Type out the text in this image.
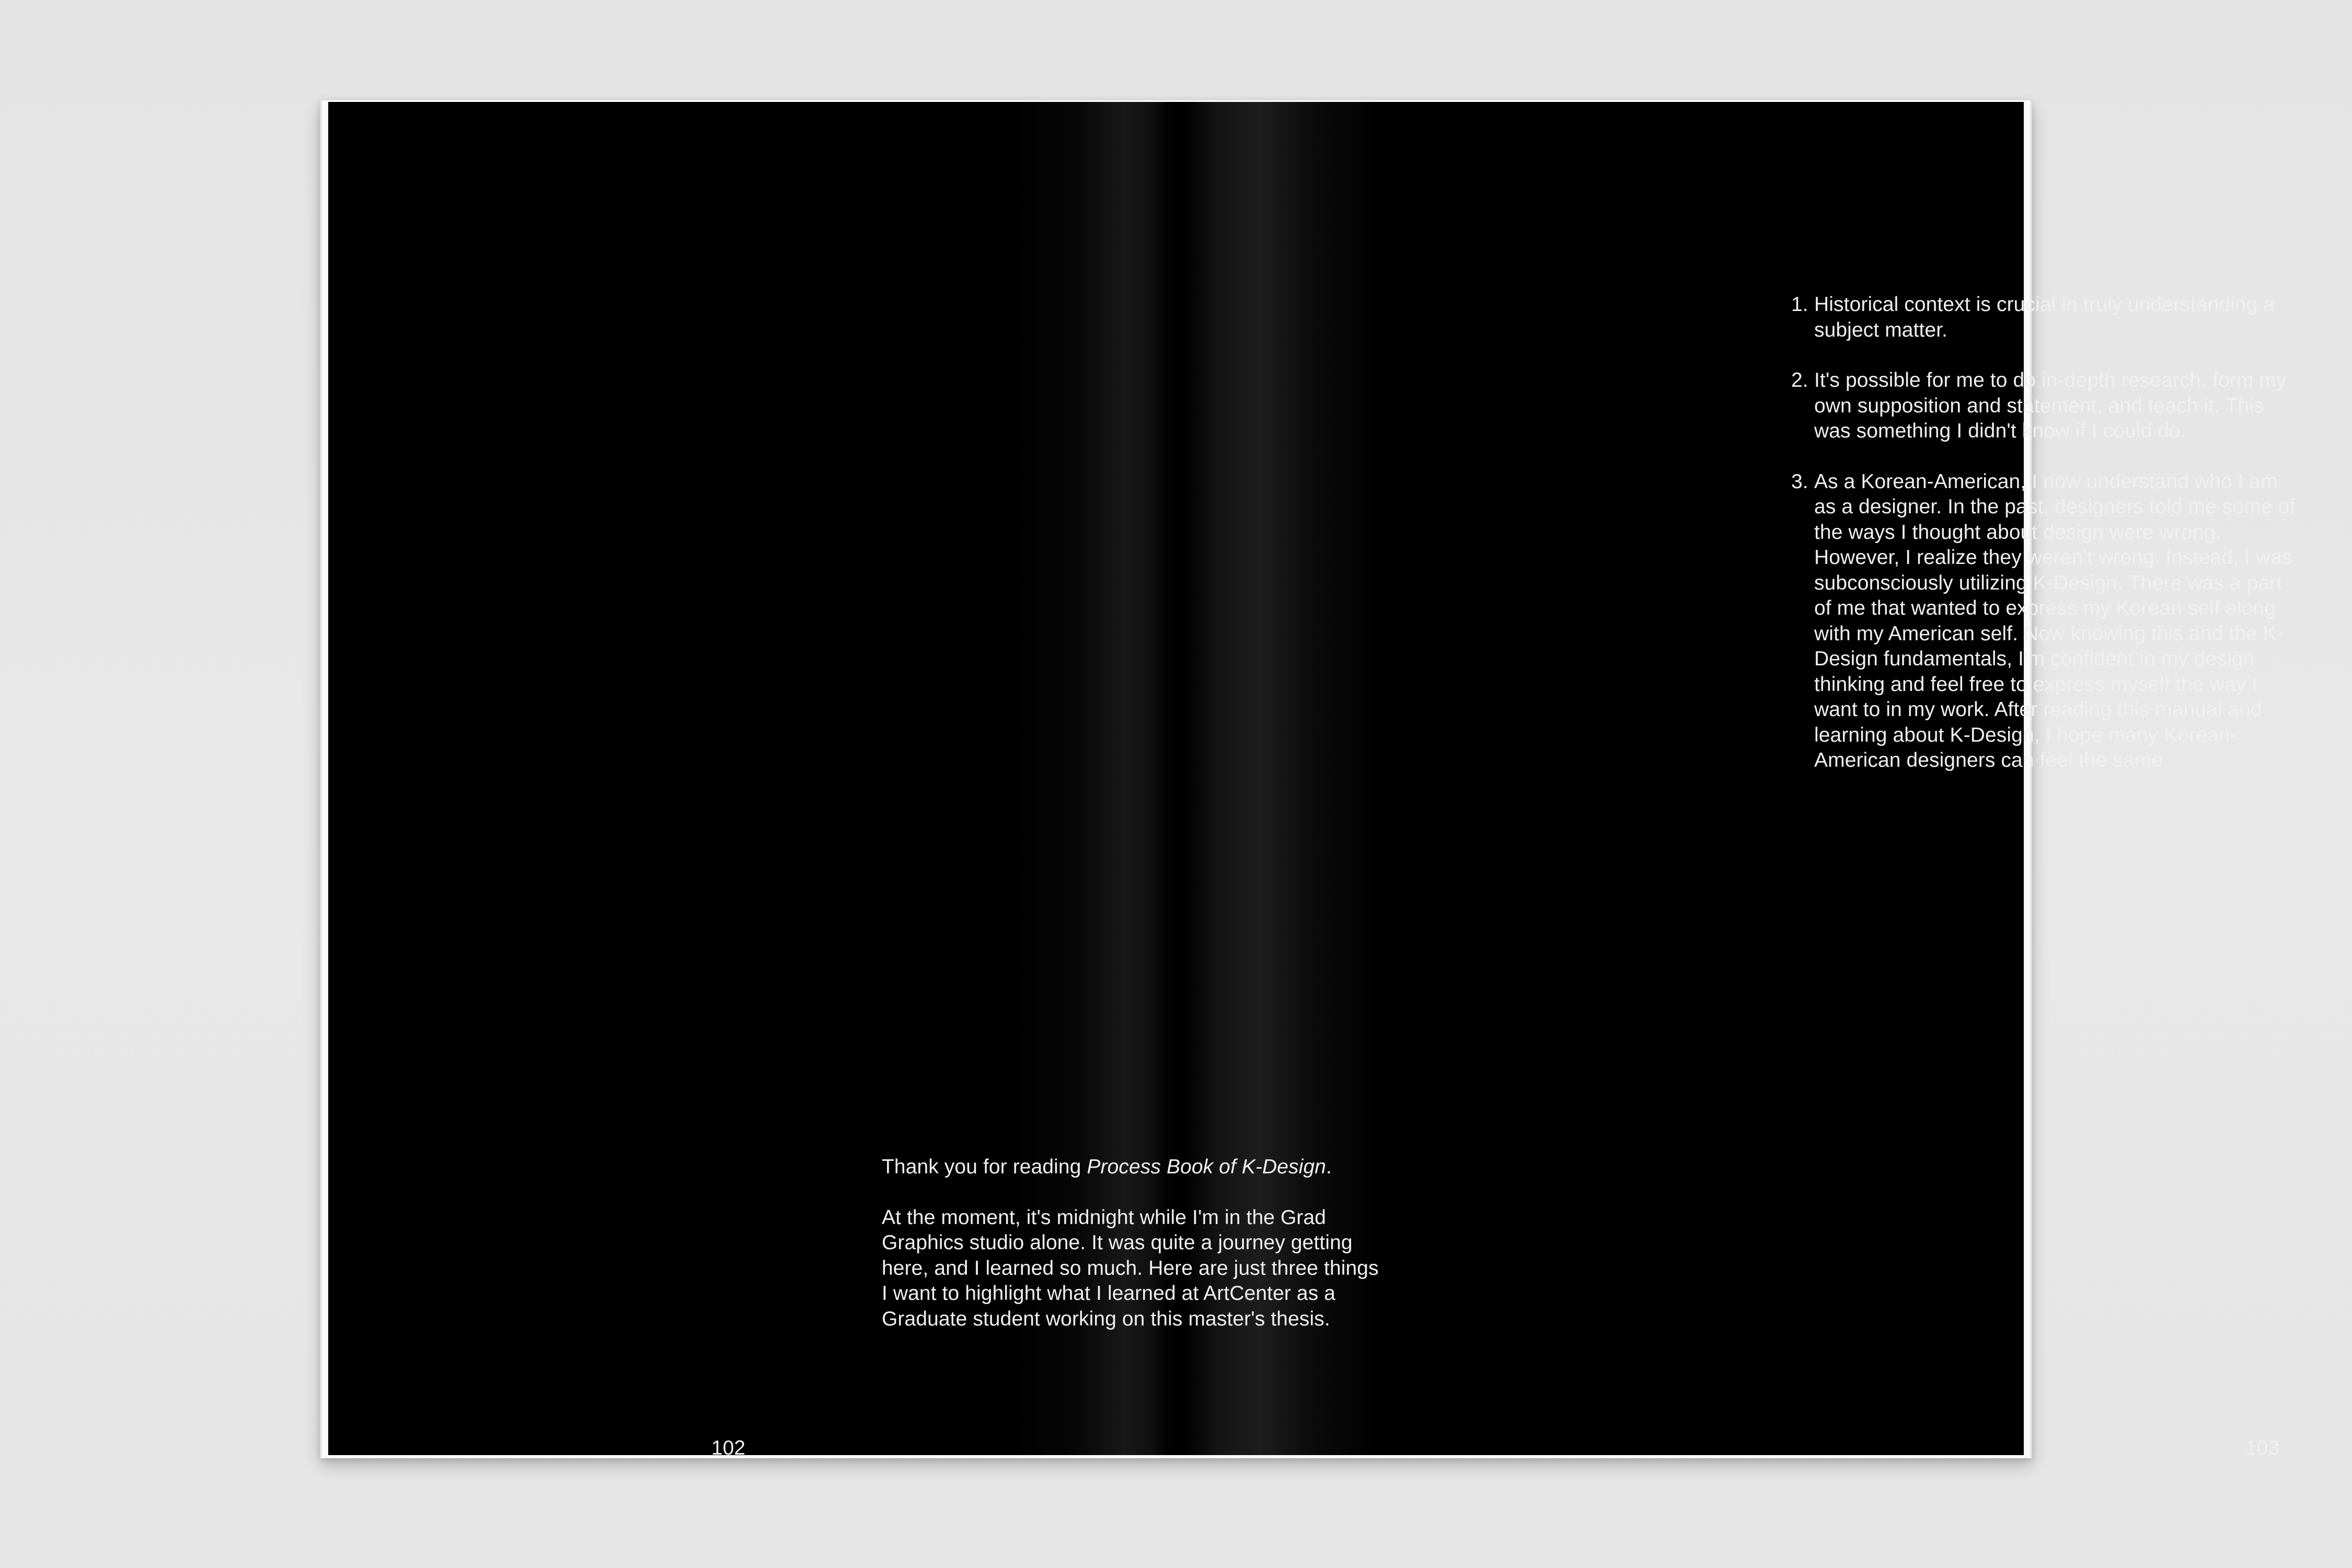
Thank you for reading Process Book of K-Design.

At the moment, it's midnight while I'm in the Grad Graphics studio alone. It was quite a journey getting here, and I learned so much. Here are just three things I want to highlight what I learned at ArtCenter as a Graduate student working on this master's thesis.

102
1. Historical context is crucial in truly understanding a subject matter.
2. It's possible for me to do in-depth research, form my own supposition and statement, and teach it. This was something I didn't know if I could do.
3. As a Korean-American, I now understand who I am as a designer. In the past, designers told me some of the ways I thought about design were wrong. However, I realize they weren't wrong. Instead, I was subconsciously utilizing K-Design. There was a part of me that wanted to express my Korean self along with my American self. Now knowing this and the K-Design fundamentals, I'm confident in my design thinking and feel free to express myself the way I want to in my work. After reading this manual and learning about K-Design, I hope many Korean-American designers can feel the same.
103
